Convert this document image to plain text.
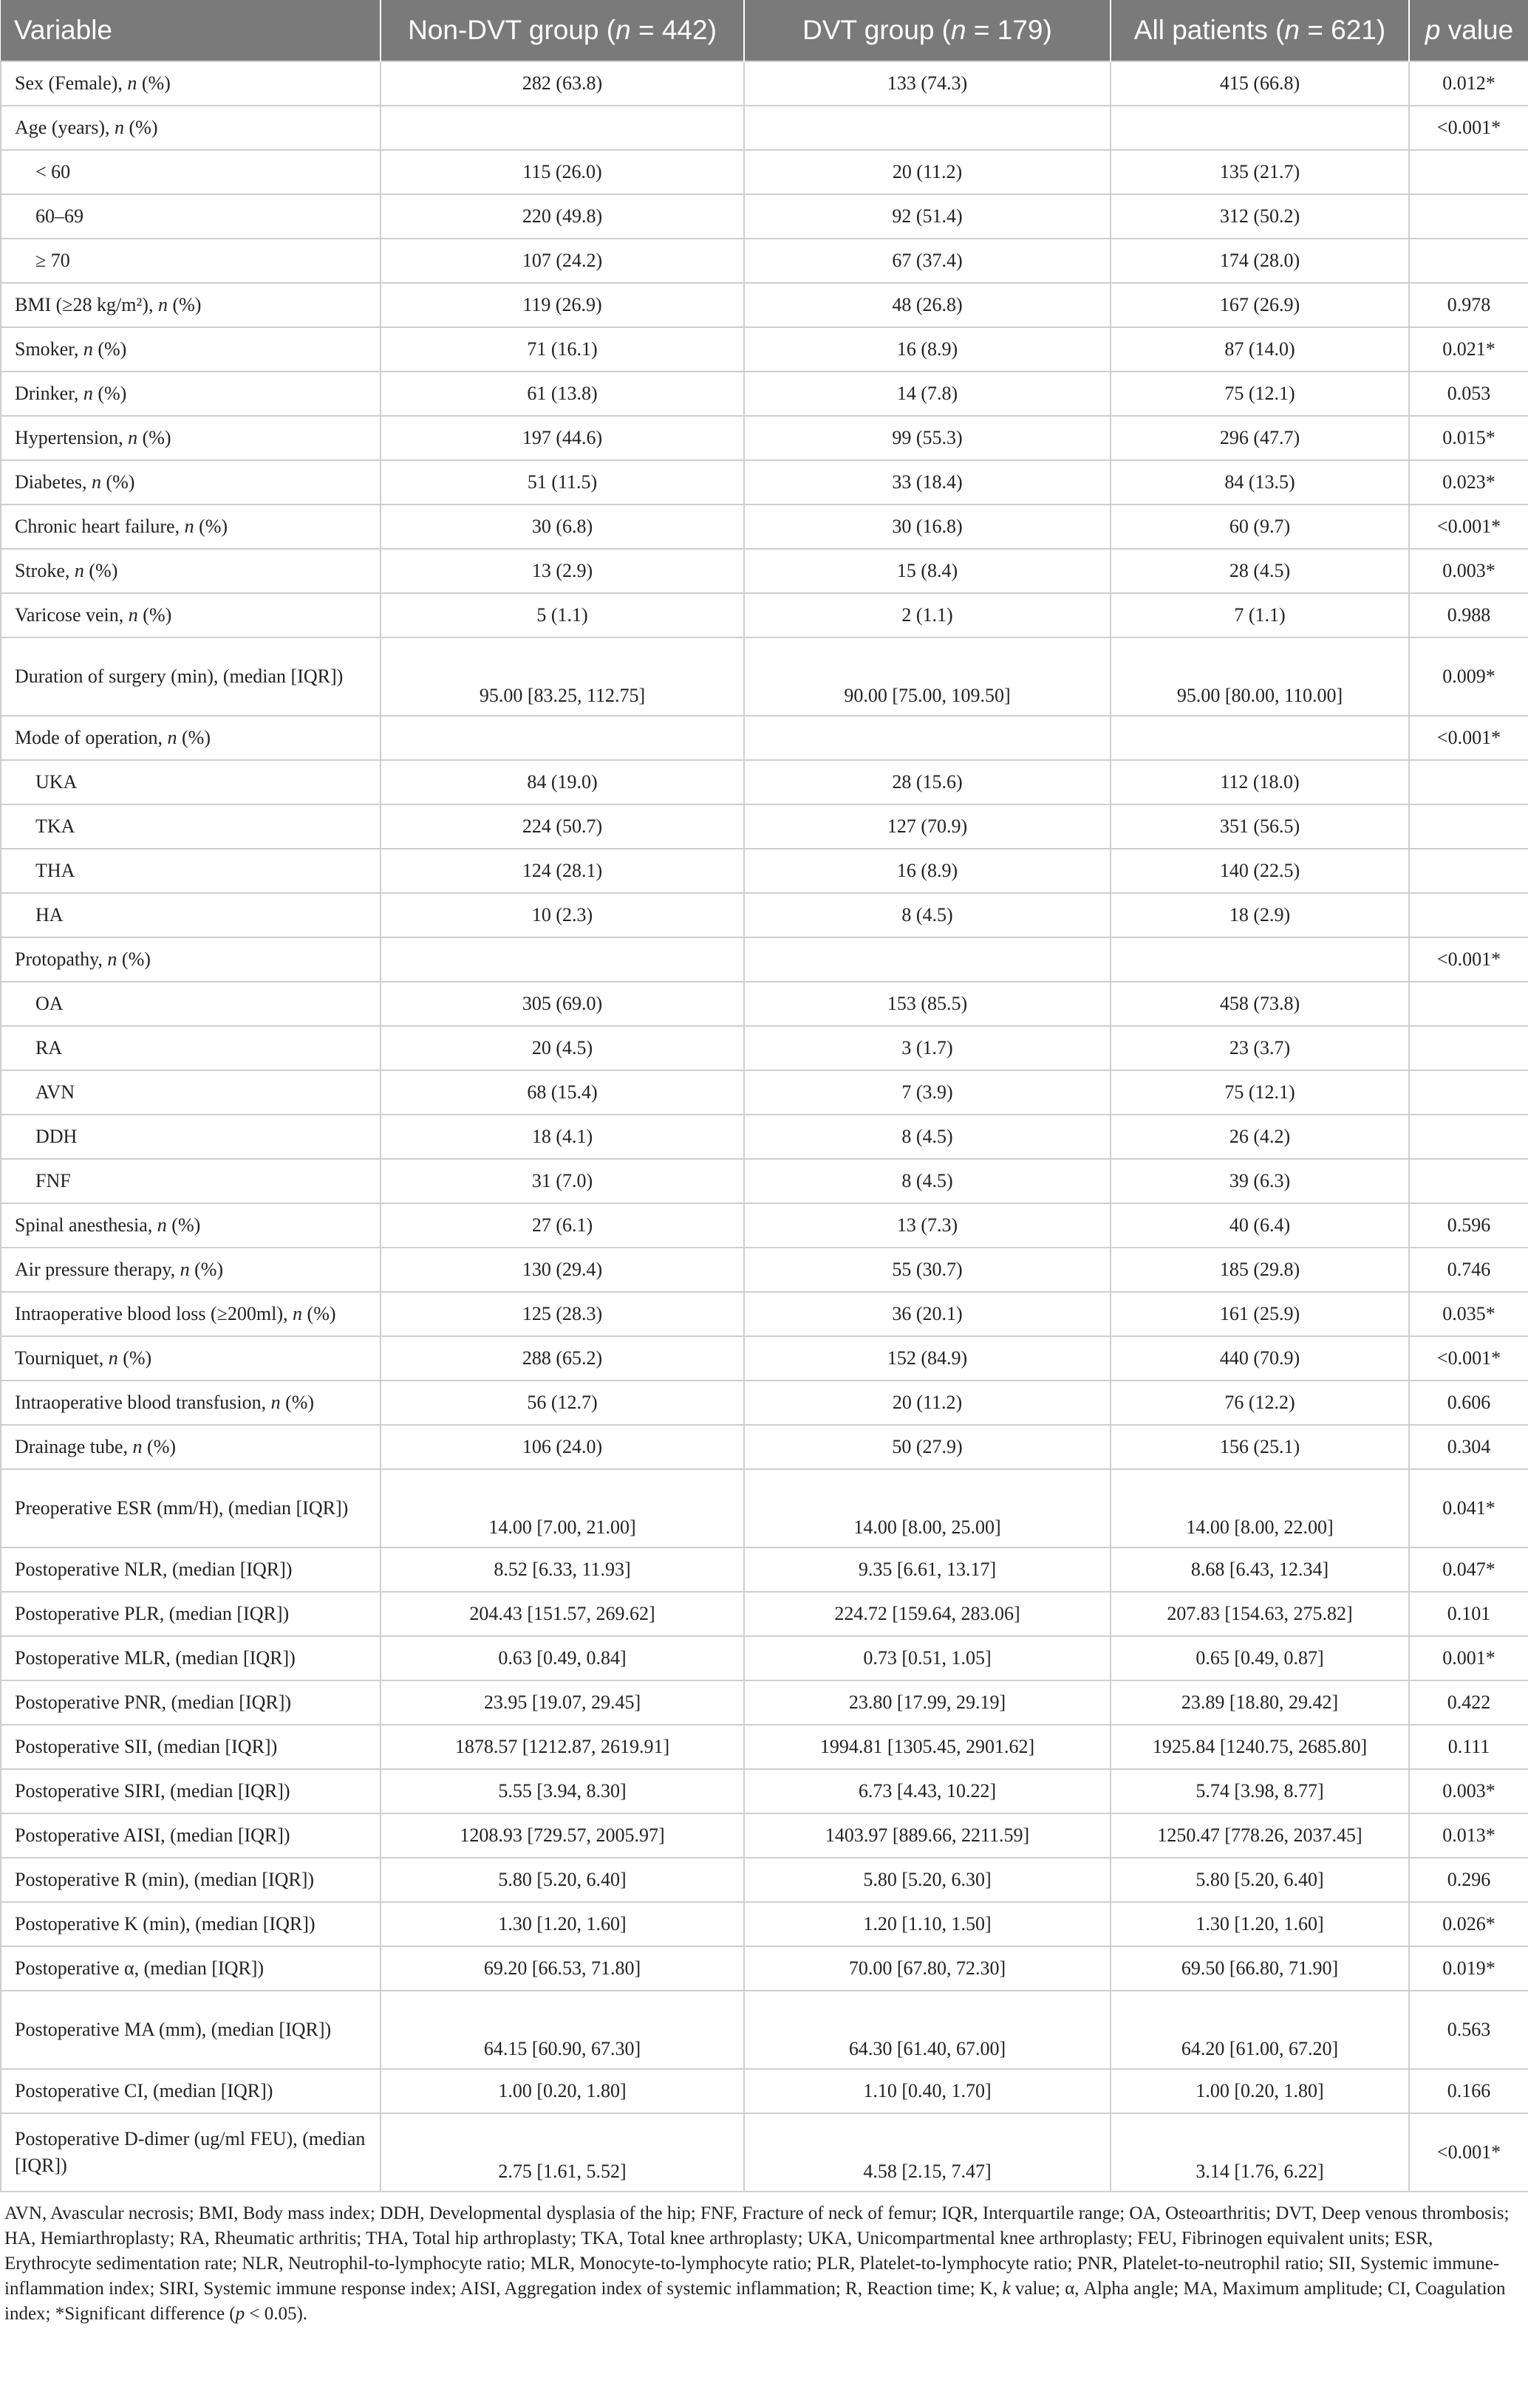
Variable	Non-DVT group (n = 442)	DVT group (n = 179)	All patients (n = 621)	p value
Sex (Female), n (%)	282 (63.8)	133 (74.3)	415 (66.8)	0.012*
Age (years), n (%)				<0.001*
< 60	115 (26.0)	20 (11.2)	135 (21.7)	
60–69	220 (49.8)	92 (51.4)	312 (50.2)	
≥ 70	107 (24.2)	67 (37.4)	174 (28.0)	
BMI (≥28 kg/m²), n (%)	119 (26.9)	48 (26.8)	167 (26.9)	0.978
Smoker, n (%)	71 (16.1)	16 (8.9)	87 (14.0)	0.021*
Drinker, n (%)	61 (13.8)	14 (7.8)	75 (12.1)	0.053
Hypertension, n (%)	197 (44.6)	99 (55.3)	296 (47.7)	0.015*
Diabetes, n (%)	51 (11.5)	33 (18.4)	84 (13.5)	0.023*
Chronic heart failure, n (%)	30 (6.8)	30 (16.8)	60 (9.7)	<0.001*
Stroke, n (%)	13 (2.9)	15 (8.4)	28 (4.5)	0.003*
Varicose vein, n (%)	5 (1.1)	2 (1.1)	7 (1.1)	0.988
Duration of surgery (min), (median [IQR])	95.00 [83.25, 112.75]	90.00 [75.00, 109.50]	95.00 [80.00, 110.00]	0.009*
Mode of operation, n (%)				<0.001*
UKA	84 (19.0)	28 (15.6)	112 (18.0)	
TKA	224 (50.7)	127 (70.9)	351 (56.5)	
THA	124 (28.1)	16 (8.9)	140 (22.5)	
HA	10 (2.3)	8 (4.5)	18 (2.9)	
Protopathy, n (%)				<0.001*
OA	305 (69.0)	153 (85.5)	458 (73.8)	
RA	20 (4.5)	3 (1.7)	23 (3.7)	
AVN	68 (15.4)	7 (3.9)	75 (12.1)	
DDH	18 (4.1)	8 (4.5)	26 (4.2)	
FNF	31 (7.0)	8 (4.5)	39 (6.3)	
Spinal anesthesia, n (%)	27 (6.1)	13 (7.3)	40 (6.4)	0.596
Air pressure therapy, n (%)	130 (29.4)	55 (30.7)	185 (29.8)	0.746
Intraoperative blood loss (≥200ml), n (%)	125 (28.3)	36 (20.1)	161 (25.9)	0.035*
Tourniquet, n (%)	288 (65.2)	152 (84.9)	440 (70.9)	<0.001*
Intraoperative blood transfusion, n (%)	56 (12.7)	20 (11.2)	76 (12.2)	0.606
Drainage tube, n (%)	106 (24.0)	50 (27.9)	156 (25.1)	0.304
Preoperative ESR (mm/H), (median [IQR])	14.00 [7.00, 21.00]	14.00 [8.00, 25.00]	14.00 [8.00, 22.00]	0.041*
Postoperative NLR, (median [IQR])	8.52 [6.33, 11.93]	9.35 [6.61, 13.17]	8.68 [6.43, 12.34]	0.047*
Postoperative PLR, (median [IQR])	204.43 [151.57, 269.62]	224.72 [159.64, 283.06]	207.83 [154.63, 275.82]	0.101
Postoperative MLR, (median [IQR])	0.63 [0.49, 0.84]	0.73 [0.51, 1.05]	0.65 [0.49, 0.87]	0.001*
Postoperative PNR, (median [IQR])	23.95 [19.07, 29.45]	23.80 [17.99, 29.19]	23.89 [18.80, 29.42]	0.422
Postoperative SII, (median [IQR])	1878.57 [1212.87, 2619.91]	1994.81 [1305.45, 2901.62]	1925.84 [1240.75, 2685.80]	0.111
Postoperative SIRI, (median [IQR])	5.55 [3.94, 8.30]	6.73 [4.43, 10.22]	5.74 [3.98, 8.77]	0.003*
Postoperative AISI, (median [IQR])	1208.93 [729.57, 2005.97]	1403.97 [889.66, 2211.59]	1250.47 [778.26, 2037.45]	0.013*
Postoperative R (min), (median [IQR])	5.80 [5.20, 6.40]	5.80 [5.20, 6.30]	5.80 [5.20, 6.40]	0.296
Postoperative K (min), (median [IQR])	1.30 [1.20, 1.60]	1.20 [1.10, 1.50]	1.30 [1.20, 1.60]	0.026*
Postoperative α, (median [IQR])	69.20 [66.53, 71.80]	70.00 [67.80, 72.30]	69.50 [66.80, 71.90]	0.019*
Postoperative MA (mm), (median [IQR])	64.15 [60.90, 67.30]	64.30 [61.40, 67.00]	64.20 [61.00, 67.20]	0.563
Postoperative CI, (median [IQR])	1.00 [0.20, 1.80]	1.10 [0.40, 1.70]	1.00 [0.20, 1.80]	0.166
Postoperative D-dimer (ug/ml FEU), (median [IQR])	2.75 [1.61, 5.52]	4.58 [2.15, 7.47]	3.14 [1.76, 6.22]	<0.001*
AVN, Avascular necrosis; BMI, Body mass index; DDH, Developmental dysplasia of the hip; FNF, Fracture of neck of femur; IQR, Interquartile range; OA, Osteoarthritis; DVT, Deep venous thrombosis; HA, Hemiarthroplasty; RA, Rheumatic arthritis; THA, Total hip arthroplasty; TKA, Total knee arthroplasty; UKA, Unicompartmental knee arthroplasty; FEU, Fibrinogen equivalent units; ESR, Erythrocyte sedimentation rate; NLR, Neutrophil-to-lymphocyte ratio; MLR, Monocyte-to-lymphocyte ratio; PLR, Platelet-to-lymphocyte ratio; PNR, Platelet-to-neutrophil ratio; SII, Systemic immune-inflammation index; SIRI, Systemic immune response index; AISI, Aggregation index of systemic inflammation; R, Reaction time; K, k value; α, Alpha angle; MA, Maximum amplitude; CI, Coagulation index; *Significant difference (p < 0.05).
